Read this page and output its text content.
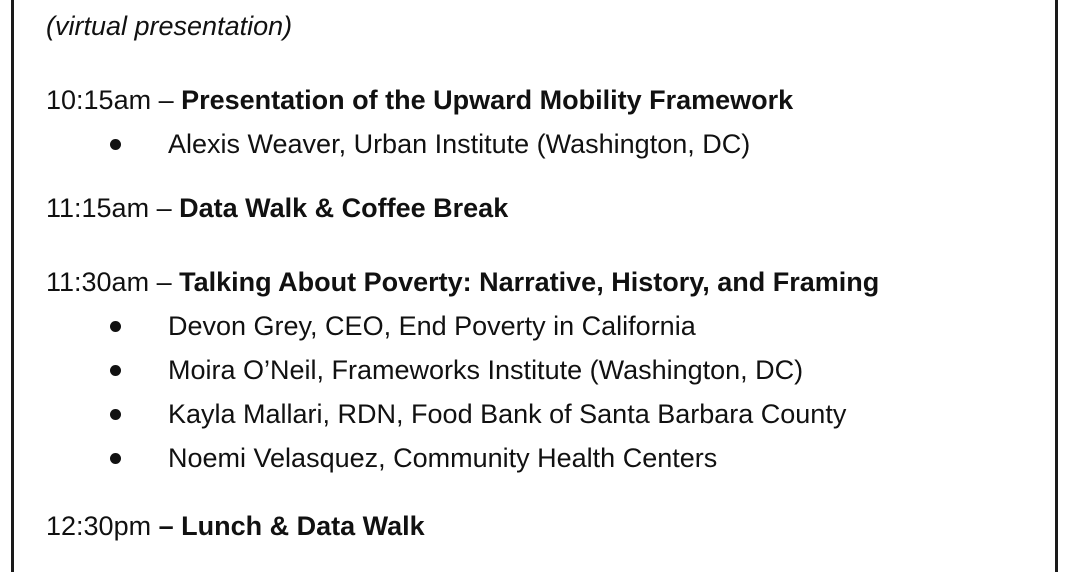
(virtual presentation)
10:15am – Presentation of the Upward Mobility Framework
Alexis Weaver, Urban Institute (Washington, DC)
11:15am – Data Walk & Coffee Break
11:30am – Talking About Poverty: Narrative, History, and Framing
Devon Grey, CEO, End Poverty in California
Moira O’Neil, Frameworks Institute (Washington, DC)
Kayla Mallari, RDN, Food Bank of Santa Barbara County
Noemi Velasquez, Community Health Centers
12:30pm – Lunch & Data Walk
